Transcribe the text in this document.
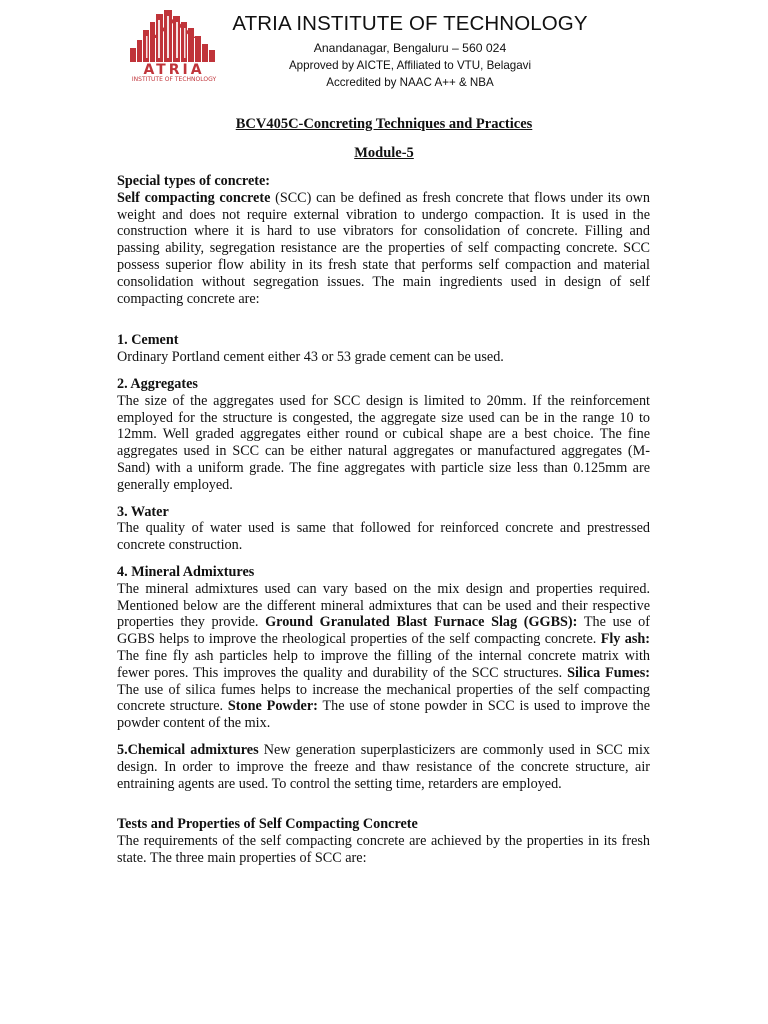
ATRIA
INSTITUTE OF TECHNOLOGY
ATRIA INSTITUTE OF TECHNOLOGY
Anandanagar, Bengaluru – 560 024
Approved by AICTE, Affiliated to VTU, Belagavi
Accredited by NAAC A++ & NBA
BCV405C-Concreting Techniques and Practices
Module-5

Special types of concrete:

Self compacting concrete (SCC) can be defined as fresh concrete that flows under its own weight and does not require external vibration to undergo compaction. It is used in the construction where it is hard to use vibrators for consolidation of concrete. Filling and passing ability, segregation resistance are the properties of self compacting concrete. SCC possess superior flow ability in its fresh state that performs self compaction and material consolidation without segregation issues. The main ingredients used in design of self compacting concrete are:

1. Cement

Ordinary Portland cement either 43 or 53 grade cement can be used.

2. Aggregates

The size of the aggregates used for SCC design is limited to 20mm. If the reinforcement employed for the structure is congested, the aggregate size used can be in the range 10 to 12mm. Well graded aggregates either round or cubical shape are a best choice. The fine aggregates used in SCC can be either natural aggregates or manufactured aggregates (M-Sand) with a uniform grade. The fine aggregates with particle size less than 0.125mm are generally employed.

3. Water

The quality of water used is same that followed for reinforced concrete and prestressed concrete construction.

4. Mineral Admixtures

The mineral admixtures used can vary based on the mix design and properties required. Mentioned below are the different mineral admixtures that can be used and their respective properties they provide. Ground Granulated Blast Furnace Slag (GGBS): The use of GGBS helps to improve the rheological properties of the self compacting concrete. Fly ash: The fine fly ash particles help to improve the filling of the internal concrete matrix with fewer pores. This improves the quality and durability of the SCC structures. Silica Fumes: The use of silica fumes helps to increase the mechanical properties of the self compacting concrete structure. Stone Powder: The use of stone powder in SCC is used to improve the powder content of the mix.

5.Chemical admixtures New generation superplasticizers are commonly used in SCC mix design. In order to improve the freeze and thaw resistance of the concrete structure, air entraining agents are used. To control the setting time, retarders are employed.

Tests and Properties of Self Compacting Concrete

The requirements of the self compacting concrete are achieved by the properties in its fresh state. The three main properties of SCC are:
